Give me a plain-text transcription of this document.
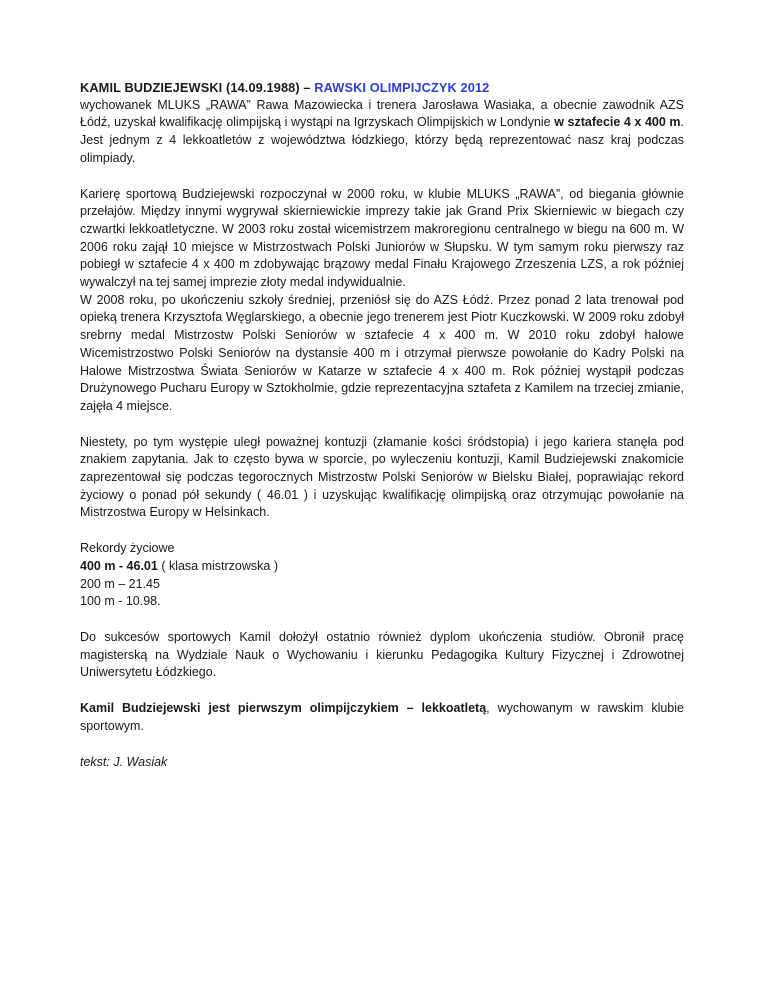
KAMIL BUDZIEJEWSKI (14.09.1988) – RAWSKI OLIMPIJCZYK 2012

wychowanek MLUKS „RAWA” Rawa Mazowiecka i trenera Jarosława Wasiaka, a obecnie zawodnik AZS Łódź, uzyskał kwalifikację olimpijską i wystąpi na Igrzyskach Olimpijskich w Londynie w sztafecie 4 x 400 m. Jest jednym z 4 lekkoatletów z województwa łódzkiego, którzy będą reprezentować nasz kraj podczas olimpiady.

Karierę sportową Budziejewski rozpoczynał w 2000 roku, w klubie MLUKS „RAWA”, od biegania głównie przełajów. Między innymi wygrywał skierniewickie imprezy takie jak Grand Prix Skierniewic w biegach czy czwartki lekkoatletyczne. W 2003 roku został wicemistrzem makroregionu centralnego w biegu na 600 m. W 2006 roku zajął 10 miejsce w Mistrzostwach Polski Juniorów w Słupsku. W tym samym roku pierwszy raz pobiegł w sztafecie 4 x 400 m zdobywając brązowy medal Finału Krajowego Zrzeszenia LZS, a rok później wywalczył na tej samej imprezie złoty medal indywidualnie.

W 2008 roku, po ukończeniu szkoły średniej, przeniósł się do AZS Łódź. Przez ponad 2 lata trenował pod opieką trenera Krzysztofa Węglarskiego, a obecnie jego trenerem jest Piotr Kuczkowski. W 2009 roku zdobył srebrny medal Mistrzostw Polski Seniorów w sztafecie 4 x 400 m. W 2010 roku zdobył halowe Wicemistrzostwo Polski Seniorów na dystansie 400 m i otrzymał pierwsze powołanie do Kadry Polski na Halowe Mistrzostwa Świata Seniorów w Katarze w sztafecie 4 x 400 m. Rok później wystąpił podczas Drużynowego Pucharu Europy w Sztokholmie, gdzie reprezentacyjna sztafeta z Kamilem na trzeciej zmianie, zajęła 4 miejsce.

Niestety, po tym występie uległ poważnej kontuzji (złamanie kości śródstopia) i jego kariera stanęła pod znakiem zapytania. Jak to często bywa w sporcie, po wyleczeniu kontuzji, Kamil Budziejewski znakomicie zaprezentował się podczas tegorocznych Mistrzostw Polski Seniorów w Bielsku Białej, poprawiając rekord życiowy o ponad pół sekundy ( 46.01 ) i uzyskując kwalifikację olimpijską oraz otrzymując powołanie na Mistrzostwa Europy w Helsinkach.

Rekordy życiowe

400 m - 46.01 ( klasa mistrzowska )

200 m – 21.45

100 m - 10.98.

Do sukcesów sportowych Kamil dołożył ostatnio również dyplom ukończenia studiów. Obronił pracę magisterską na Wydziale Nauk o Wychowaniu i kierunku Pedagogika Kultury Fizycznej i Zdrowotnej Uniwersytetu Łódzkiego.

Kamil Budziejewski jest pierwszym olimpijczykiem – lekkoatletą, wychowanym w rawskim klubie sportowym.

tekst: J. Wasiak
